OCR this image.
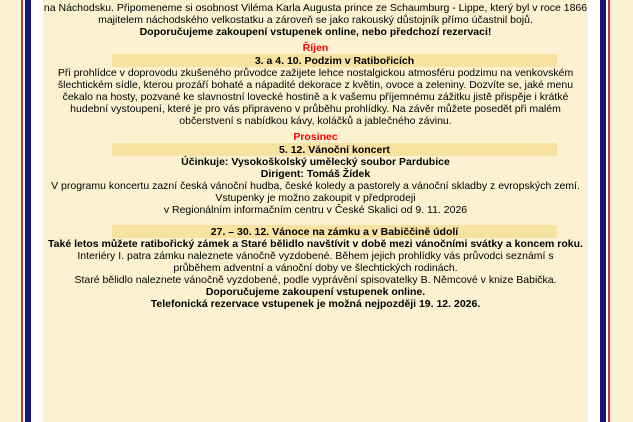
na Náchodsku. Připomeneme si osobnost Viléma Karla Augusta prince ze Schaumburg - Lippe, který byl v roce 1866
majitelem náchodského velkostatku a zároveň se jako rakouský důstojník přímo účastnil bojů.
Doporučujeme zakoupení vstupenek online, nebo předchozí rezervaci!
Říjen
3. a 4. 10. Podzim v Ratibořicích
Při prohlídce v doprovodu zkušeného průvodce zažijete lehce nostalgickou atmosféru podzimu na venkovském šlechtickém sídle, kterou prozáří bohaté a nápadité dekorace z květin, ovoce a zeleniny. Dozvíte se, jaké menu čekalo na hosty, pozvané ke slavnostní lovecké hostině a k vašemu příjemnému zážitku jistě přispěje i krátké hudební vystoupení, které je pro vás připraveno v průběhu prohlídky. Na závěr můžete posedět při malém občerstvení s nabídkou kávy, koláčků a jablečného závinu.
Prosinec
5. 12. Vánoční koncert
Účinkuje: Vysokoškolský umělecký soubor Pardubice
Dirigent: Tomáš Žídek
V programu koncertu zazní česká vánoční hudba, české koledy a pastorely a vánoční skladby z evropských zemí.
Vstupenky je možno zakoupit v předprodeji
v Regionálním informačním centru v České Skalici od 9. 11. 2026
27. – 30. 12. Vánoce na zámku a v Babiččině údolí
Také letos můžete ratibořický zámek a Staré bělidlo navštívit v době mezi vánočními svátky a koncem roku.
Interiéry I. patra zámku naleznete vánočně vyzdobené. Během jejich prohlídky vás průvodci seznámí s průběhem adventní a vánoční doby ve šlechtických rodinách.
Staré bělidlo naleznete vánočně vyzdobené, podle vyprávění spisovatelky B. Němcové v knize Babička.
Doporučujeme zakoupení vstupenek online.
Telefonická rezervace vstupenek je možná nejpozději 19. 12. 2026.
